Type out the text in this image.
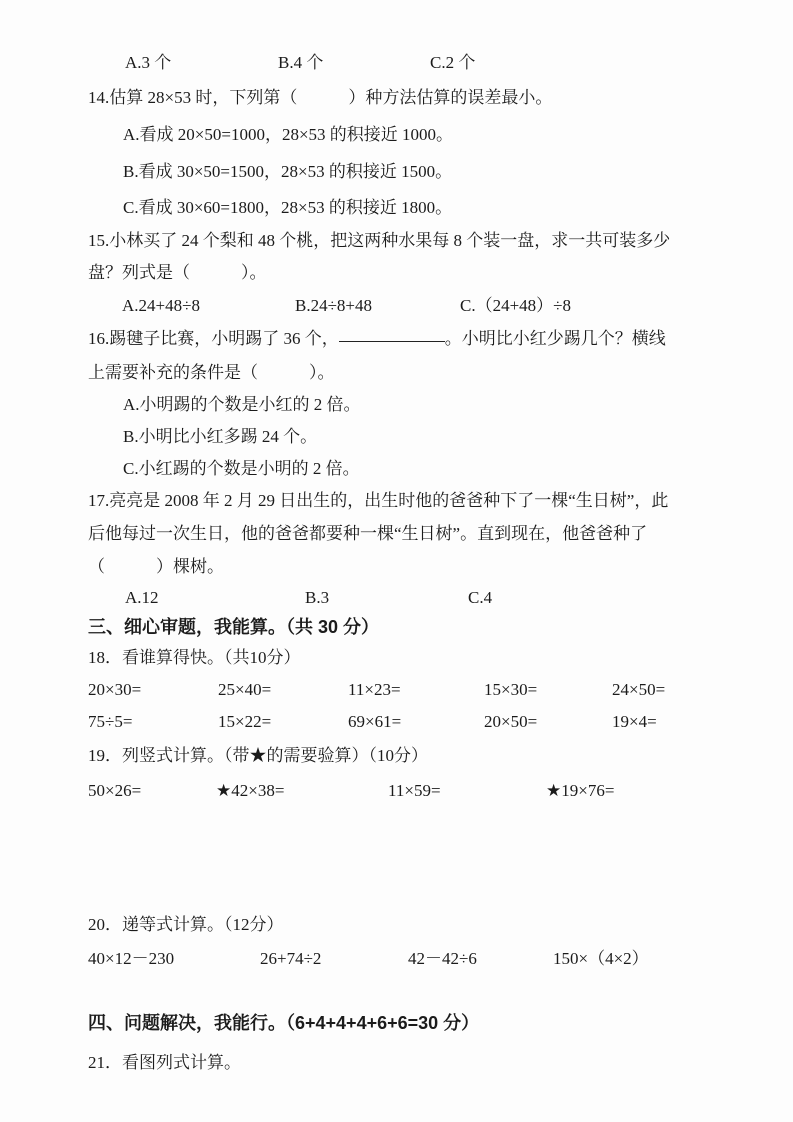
A.3 个	B.4 个	C.2 个
14.估算 28×53 时，下列第（　　　）种方法估算的误差最小。
A.看成 20×50=1000，28×53 的积接近 1000。
B.看成 30×50=1500，28×53 的积接近 1500。
C.看成 30×60=1800，28×53 的积接近 1800。
15.小林买了 24 个梨和 48 个桃，把这两种水果每 8 个装一盘，求一共可装多少
盘？列式是（　　　）。
A.24+48÷8	B.24÷8+48	C.（24+48）÷8
16.踢毽子比赛，小明踢了 36 个，	。小明比小红少踢几个？横线
上需要补充的条件是（　　　）。
A.小明踢的个数是小红的 2 倍。
B.小明比小红多踢 24 个。
C.小红踢的个数是小明的 2 倍。
17.亮亮是 2008 年 2 月 29 日出生的，出生时他的爸爸种下了一棵“生日树”，此
后他每过一次生日，他的爸爸都要种一棵“生日树”。直到现在，他爸爸种了
（　　　）棵树。
A.12	B.3	C.4
三、细心审题，我能算。（共 30 分）
18．看谁算得快。（共10分）
20×30=	25×40=	11×23=	15×30=	24×50=
75÷5=	15×22=	69×61=	20×50=	19×4=
19．列竖式计算。（带★的需要验算）（10分）
50×26=	★42×38=	11×59=	★19×76=
20．递等式计算。（12分）
40×12－230	26+74÷2	42－42÷6	150×（4×2）
四、问题解决，我能行。（6+4+4+4+6+6=30 分）
21．看图列式计算。
